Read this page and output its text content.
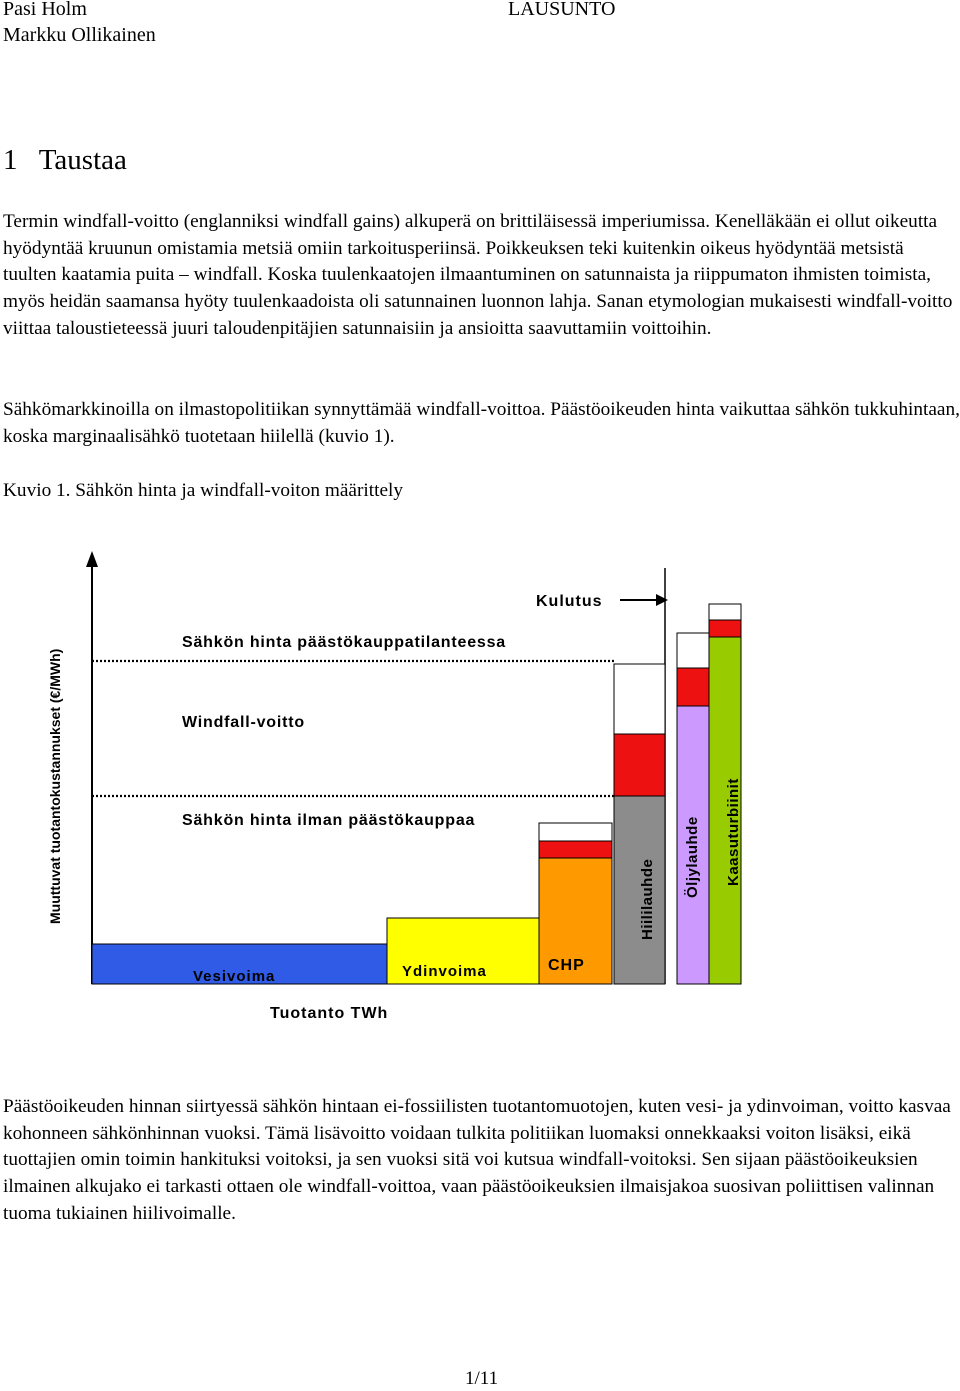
Pasi Holm
Markku Ollikainen
LAUSUNTO
1   Taustaa

Termin windfall-voitto (englanniksi windfall gains) alkuperä on brittiläisessä imperiumissa. Kenelläkään ei ollut oikeutta hyödyntää kruunun omistamia metsiä omiin tarkoitusperiinsä. Poikkeuksen teki kuitenkin oikeus hyödyntää metsistä tuulten kaatamia puita – windfall. Koska tuulenkaatojen ilmaantuminen on satunnaista ja riippumaton ihmisten toimista, myös heidän saamansa hyöty tuulenkaadoista oli satunnainen luonnon lahja. Sanan etymologian mukaisesti windfall-voitto viittaa taloustieteessä juuri taloudenpitäjien satunnaisiin ja ansioitta saavuttamiin voittoihin.

Sähkömarkkinoilla on ilmastopolitiikan synnyttämää windfall-voittoa. Päästöoikeuden hinta vaikuttaa sähkön tukkuhintaan, koska marginaalisähkö tuotetaan hiilellä (kuvio 1).

Kuvio 1. Sähkön hinta ja windfall-voiton määrittely
Muuttuvat tuotantokustannukset (€/MWh)
Kulutus
Sähkön hinta päästökauppatilanteessa
Windfall-voitto
Sähkön hinta ilman päästökauppaa
Vesivoima	Ydinvoima	CHP
Hiililauhde
Öljylauhde Kaasuturbiinit
Tuotanto TWh

Päästöoikeuden hinnan siirtyessä sähkön hintaan ei-fossiilisten tuotantomuotojen, kuten vesi- ja ydinvoiman, voitto kasvaa kohonneen sähkönhinnan vuoksi. Tämä lisävoitto voidaan tulkita politiikan luomaksi onnekkaaksi voiton lisäksi, eikä tuottajien omin toimin hankituksi voitoksi, ja sen vuoksi sitä voi kutsua windfall-voitoksi. Sen sijaan päästöoikeuksien ilmainen alkujako ei tarkasti ottaen ole windfall-voittoa, vaan päästöoikeuksien ilmaisjakoa suosivan poliittisen valinnan tuoma tukiainen hiilivoimalle.

1/11
